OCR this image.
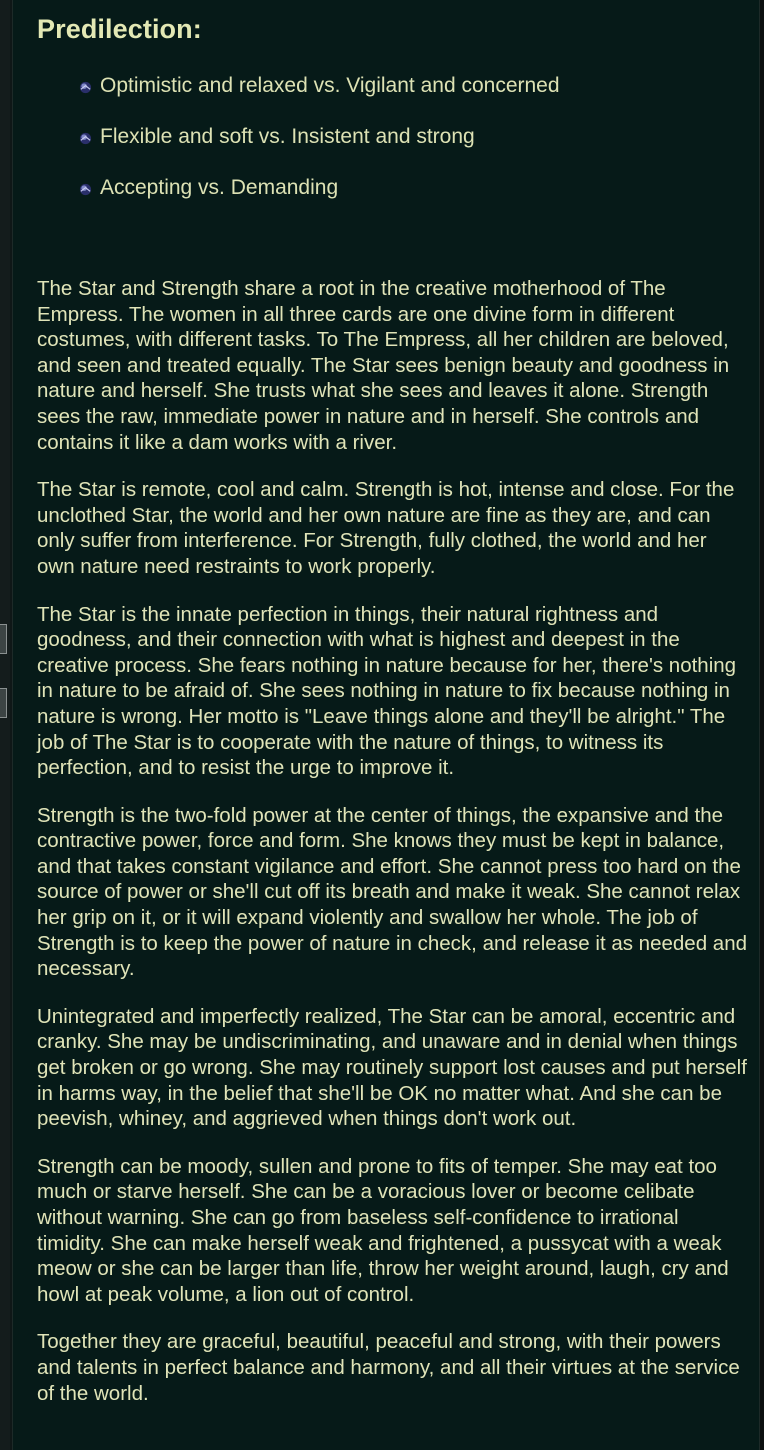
Predilection:
Optimistic and relaxed vs. Vigilant and concerned
Flexible and soft vs. Insistent and strong
Accepting vs. Demanding

The Star and Strength share a root in the creative motherhood of The Empress. The women in all three cards are one divine form in different costumes, with different tasks. To The Empress, all her children are beloved, and seen and treated equally. The Star sees benign beauty and goodness in nature and herself. She trusts what she sees and leaves it alone. Strength sees the raw, immediate power in nature and in herself. She controls and contains it like a dam works with a river.

The Star is remote, cool and calm. Strength is hot, intense and close. For the unclothed Star, the world and her own nature are fine as they are, and can only suffer from interference. For Strength, fully clothed, the world and her own nature need restraints to work properly.

The Star is the innate perfection in things, their natural rightness and goodness, and their connection with what is highest and deepest in the creative process. She fears nothing in nature because for her, there's nothing in nature to be afraid of. She sees nothing in nature to fix because nothing in nature is wrong. Her motto is "Leave things alone and they'll be alright." The job of The Star is to cooperate with the nature of things, to witness its perfection, and to resist the urge to improve it.

Strength is the two-fold power at the center of things, the expansive and the contractive power, force and form. She knows they must be kept in balance, and that takes constant vigilance and effort. She cannot press too hard on the source of power or she'll cut off its breath and make it weak. She cannot relax her grip on it, or it will expand violently and swallow her whole. The job of Strength is to keep the power of nature in check, and release it as needed and necessary.

Unintegrated and imperfectly realized, The Star can be amoral, eccentric and cranky. She may be undiscriminating, and unaware and in denial when things get broken or go wrong. She may routinely support lost causes and put herself in harms way, in the belief that she'll be OK no matter what. And she can be peevish, whiney, and aggrieved when things don't work out.

Strength can be moody, sullen and prone to fits of temper. She may eat too much or starve herself. She can be a voracious lover or become celibate without warning. She can go from baseless self-confidence to irrational timidity. She can make herself weak and frightened, a pussycat with a weak meow or she can be larger than life, throw her weight around, laugh, cry and howl at peak volume, a lion out of control.

Together they are graceful, beautiful, peaceful and strong, with their powers and talents in perfect balance and harmony, and all their virtues at the service of the world.
